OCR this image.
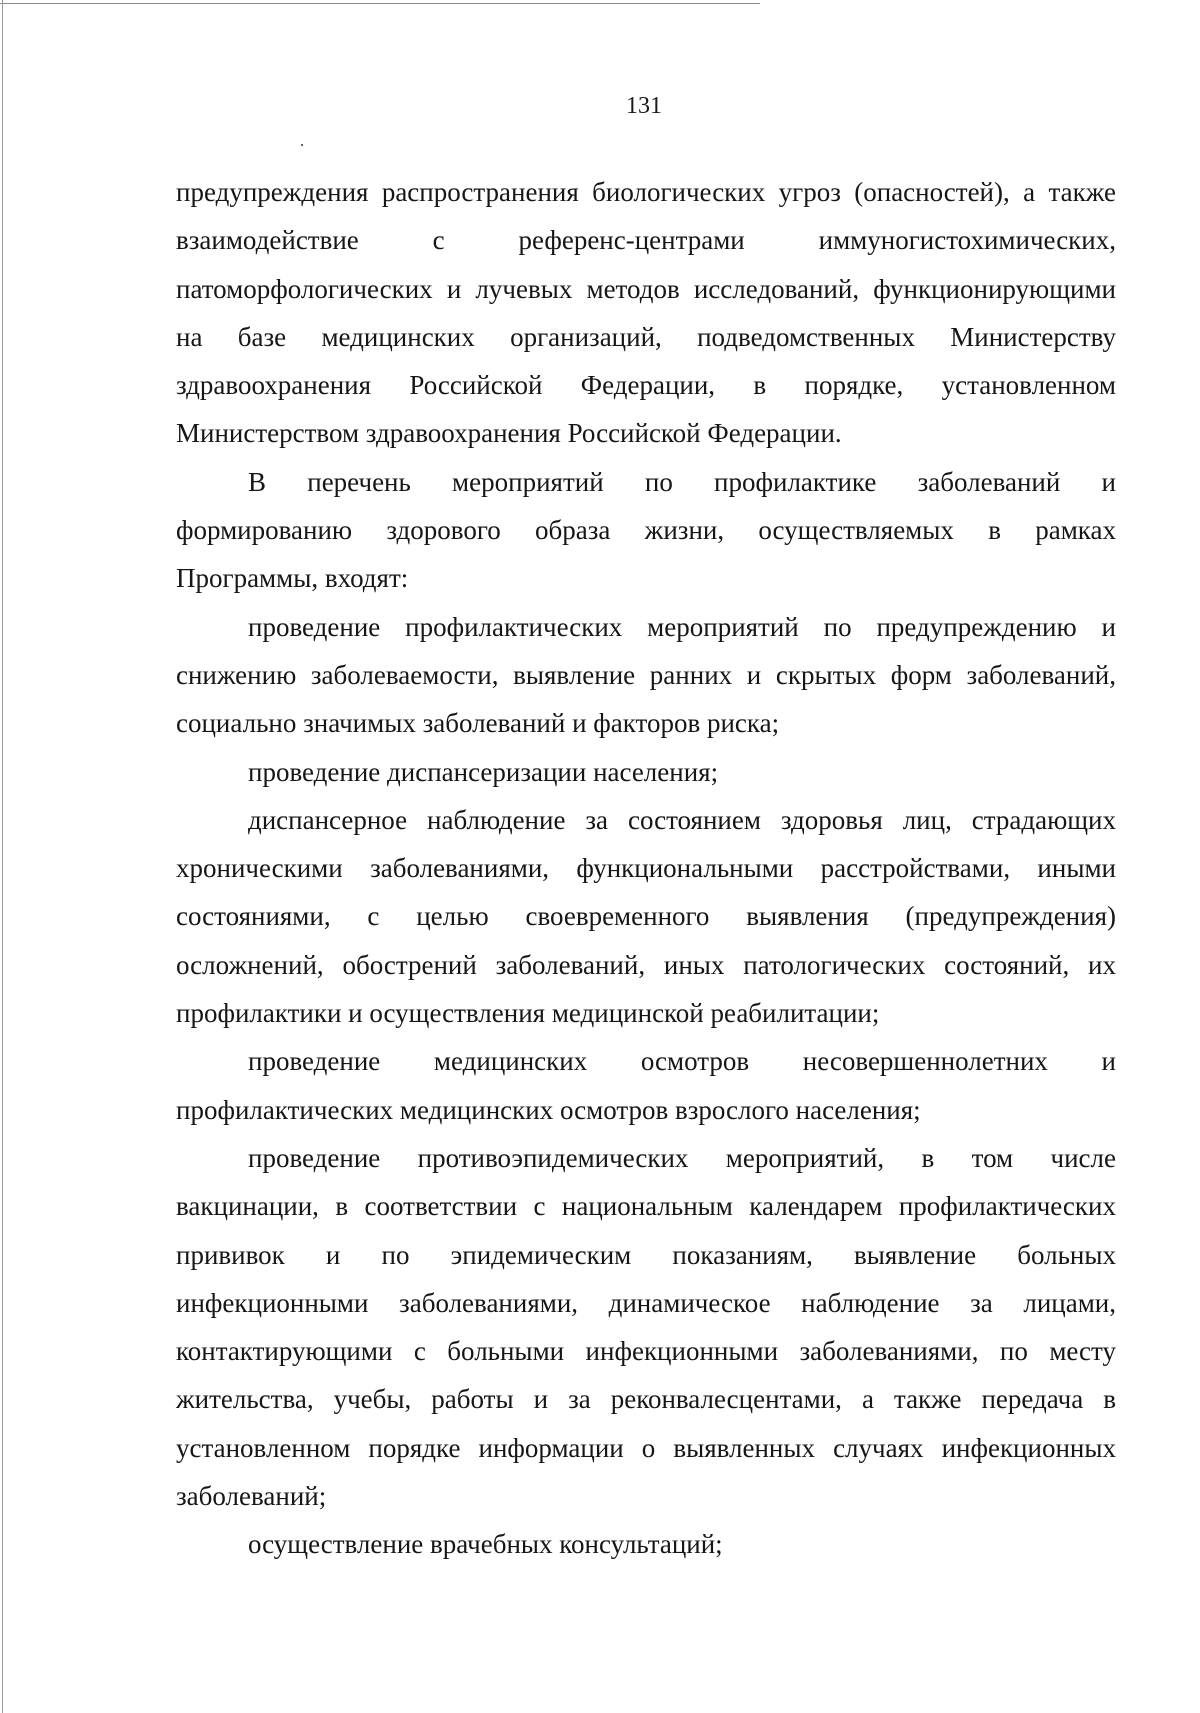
131
предупреждения распространения биологических угроз (опасностей), а также
взаимодействие с референс-центрами иммуногистохимических,
патоморфологических и лучевых методов исследований, функционирующими
на базе медицинских организаций, подведомственных Министерству
здравоохранения Российской Федерации, в порядке, установленном
Министерством здравоохранения Российской Федерации.
В перечень мероприятий по профилактике заболеваний и
формированию здорового образа жизни, осуществляемых в рамках
Программы, входят:
проведение профилактических мероприятий по предупреждению и
снижению заболеваемости, выявление ранних и скрытых форм заболеваний,
социально значимых заболеваний и факторов риска;
проведение диспансеризации населения;
диспансерное наблюдение за состоянием здоровья лиц, страдающих
хроническими заболеваниями, функциональными расстройствами, иными
состояниями, с целью своевременного выявления (предупреждения)
осложнений, обострений заболеваний, иных патологических состояний, их
профилактики и осуществления медицинской реабилитации;
проведение медицинских осмотров несовершеннолетних и
профилактических медицинских осмотров взрослого населения;
проведение противоэпидемических мероприятий, в том числе
вакцинации, в соответствии с национальным календарем профилактических
прививок и по эпидемическим показаниям, выявление больных
инфекционными заболеваниями, динамическое наблюдение за лицами,
контактирующими с больными инфекционными заболеваниями, по месту
жительства, учебы, работы и за реконвалесцентами, а также передача в
установленном порядке информации о выявленных случаях инфекционных
заболеваний;
осуществление врачебных консультаций;
